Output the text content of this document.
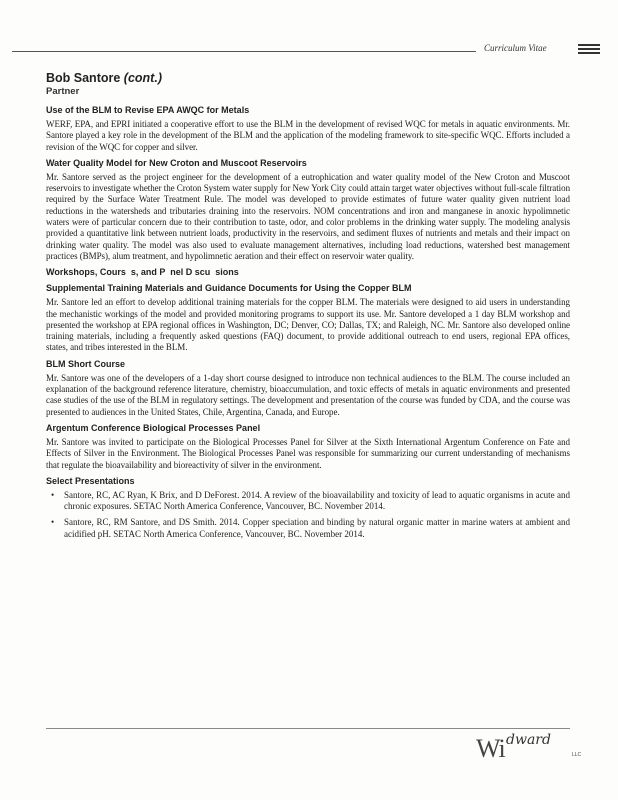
Curriculum Vitae
Bob Santore (cont.)
Partner
Use of the BLM to Revise EPA AWQC for Metals
WERF, EPA, and EPRI initiated a cooperative effort to use the BLM in the development of revised WQC for metals in aquatic environments. Mr. Santore played a key role in the development of the BLM and the application of the modeling framework to site-specific WQC. Efforts included a revision of the WQC for copper and silver.
Water Quality Model for New Croton and Muscoot Reservoirs
Mr. Santore served as the project engineer for the development of a eutrophication and water quality model of the New Croton and Muscoot reservoirs to investigate whether the Croton System water supply for New York City could attain target water objectives without full-scale filtration required by the Surface Water Treatment Rule. The model was developed to provide estimates of future water quality given nutrient load reductions in the watersheds and tributaries draining into the reservoirs. NOM concentrations and iron and manganese in anoxic hypolimnetic waters were of particular concern due to their contribution to taste, odor, and color problems in the drinking water supply. The modeling analysis provided a quantitative link between nutrient loads, productivity in the reservoirs, and sediment fluxes of nutrients and metals and their impact on drinking water quality. The model was also used to evaluate management alternatives, including load reductions, watershed best management practices (BMPs), alum treatment, and hypolimnetic aeration and their effect on reservoir water quality.
Workshops, Cours  s, and P  nel D scu  sions
Supplemental Training Materials and Guidance Documents for Using the Copper BLM
Mr. Santore led an effort to develop additional training materials for the copper BLM. The materials were designed to aid users in understanding the mechanistic workings of the model and provided monitoring programs to support its use. Mr. Santore developed a 1 day BLM workshop and presented the workshop at EPA regional offices in Washington, DC; Denver, CO; Dallas, TX; and Raleigh, NC. Mr. Santore also developed online training materials, including a frequently asked questions (FAQ) document, to provide additional outreach to end users, regional EPA offices, states, and tribes interested in the BLM.
BLM Short Course
Mr. Santore was one of the developers of a 1-day short course designed to introduce non technical audiences to the BLM. The course included an explanation of the background reference literature, chemistry, bioaccumulation, and toxic effects of metals in aquatic environments and presented case studies of the use of the BLM in regulatory settings. The development and presentation of the course was funded by CDA, and the course was presented to audiences in the United States, Chile, Argentina, Canada, and Europe.
Argentum Conference Biological Processes Panel
Mr. Santore was invited to participate on the Biological Processes Panel for Silver at the Sixth International Argentum Conference on Fate and Effects of Silver in the Environment. The Biological Processes Panel was responsible for summarizing our current understanding of mechanisms that regulate the bioavailability and bioreactivity of silver in the environment.
Select Presentations
• Santore, RC, AC Ryan, K Brix, and D DeForest. 2014. A review of the bioavailability and toxicity of lead to aquatic organisms in acute and chronic exposures. SETAC North America Conference, Vancouver, BC. November 2014.
• Santore, RC, RM Santore, and DS Smith. 2014. Copper speciation and binding by natural organic matter in marine waters at ambient and acidified pH. SETAC North America Conference, Vancouver, BC. November 2014.
Wi dward
LLC
